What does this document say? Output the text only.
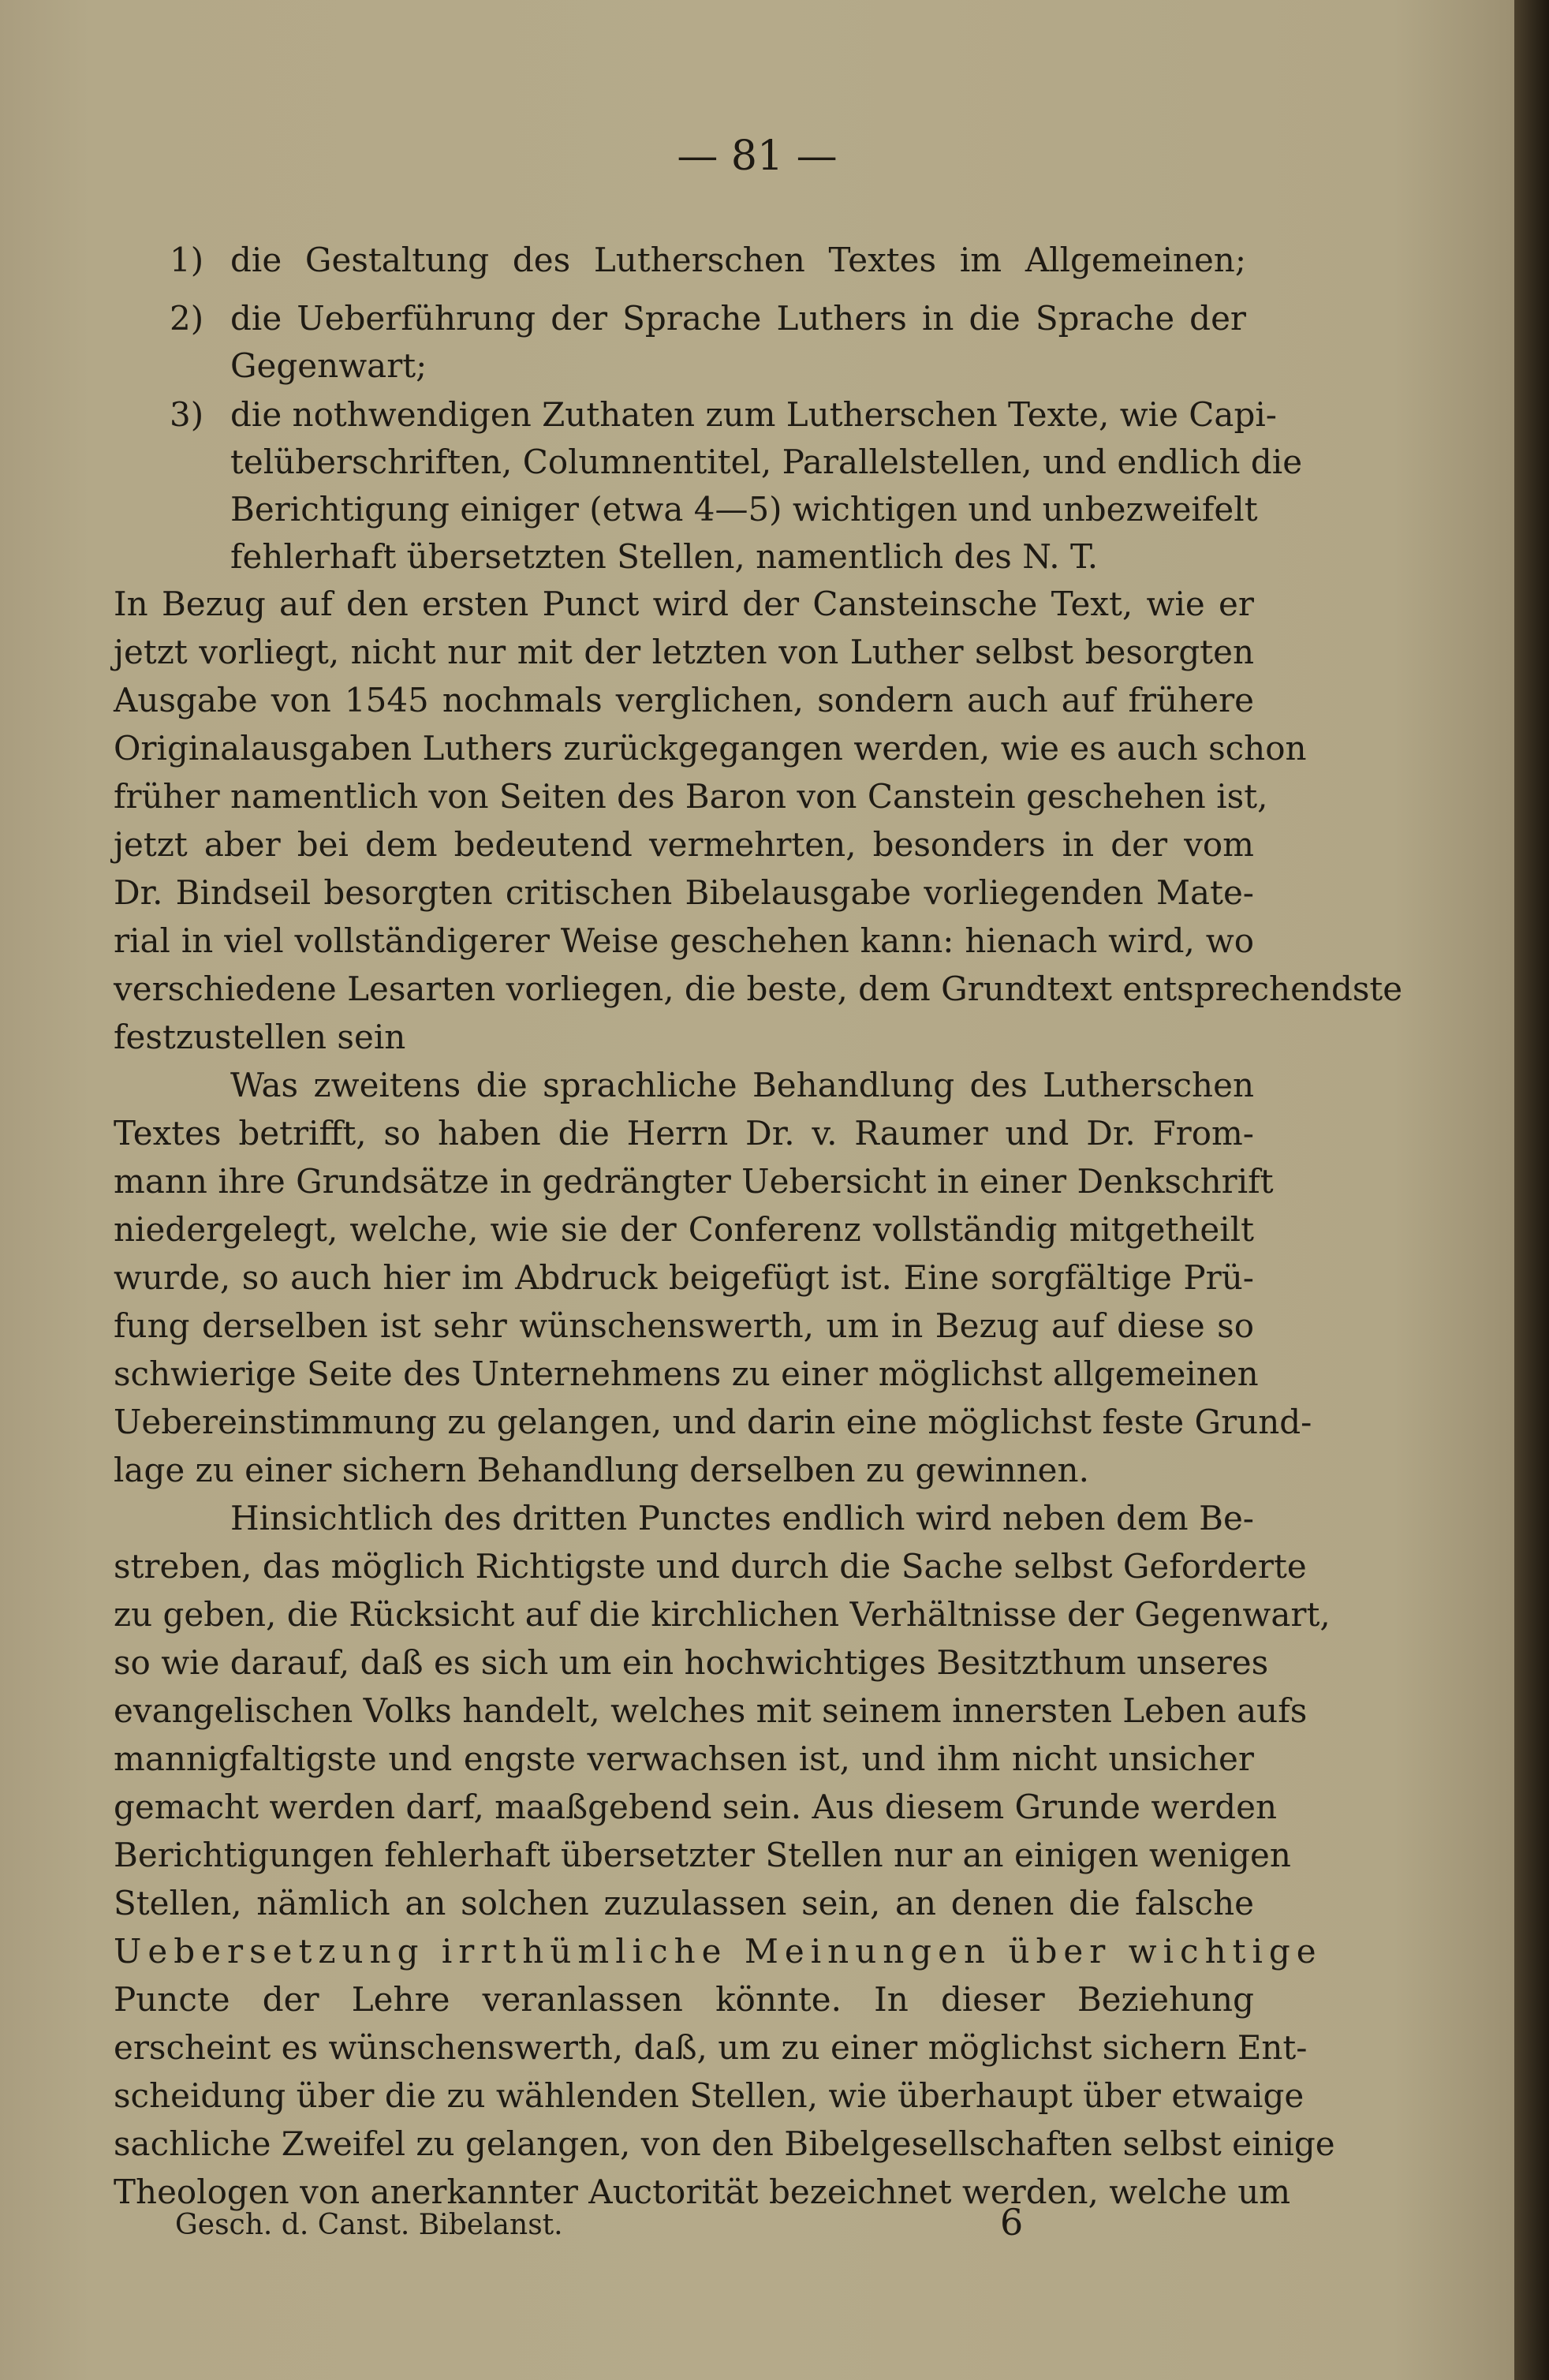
— 81 —
1) die Gestaltung des Lutherschen Textes im Allgemeinen;
2) die Ueberführung der Sprache Luthers in die Sprache der
Gegenwart;
3) die nothwendigen Zuthaten zum Lutherschen Texte, wie Capi-
telüberschriften, Columnentitel, Parallelstellen, und endlich die
Berichtigung einiger (etwa 4—5) wichtigen und unbezweifelt
fehlerhaft übersetzten Stellen, namentlich des N. T.
In Bezug auf den ersten Punct wird der Cansteinsche Text, wie er
jetzt vorliegt, nicht nur mit der letzten von Luther selbst besorgten
Ausgabe von 1545 nochmals verglichen, sondern auch auf frühere
Originalausgaben Luthers zurückgegangen werden, wie es auch schon
früher namentlich von Seiten des Baron von Canstein geschehen ist,
jetzt aber bei dem bedeutend vermehrten, besonders in der vom
Dr. Bindseil besorgten critischen Bibelausgabe vorliegenden Mate-
rial in viel vollständigerer Weise geschehen kann: hienach wird, wo
verschiedene Lesarten vorliegen, die beste, dem Grundtext entsprechendste
festzustellen sein
Was zweitens die sprachliche Behandlung des Lutherschen
Textes betrifft, so haben die Herrn Dr. v. Raumer und Dr. From-
mann ihre Grundsätze in gedrängter Uebersicht in einer Denkschrift
niedergelegt, welche, wie sie der Conferenz vollständig mitgetheilt
wurde, so auch hier im Abdruck beigefügt ist. Eine sorgfältige Prü-
fung derselben ist sehr wünschenswerth, um in Bezug auf diese so
schwierige Seite des Unternehmens zu einer möglichst allgemeinen
Uebereinstimmung zu gelangen, und darin eine möglichst feste Grund-
lage zu einer sichern Behandlung derselben zu gewinnen.
Hinsichtlich des dritten Punctes endlich wird neben dem Be-
streben, das möglich Richtigste und durch die Sache selbst Geforderte
zu geben, die Rücksicht auf die kirchlichen Verhältnisse der Gegenwart,
so wie darauf, daß es sich um ein hochwichtiges Besitzthum unseres
evangelischen Volks handelt, welches mit seinem innersten Leben aufs
mannigfaltigste und engste verwachsen ist, und ihm nicht unsicher
gemacht werden darf, maaßgebend sein. Aus diesem Grunde werden
Berichtigungen fehlerhaft übersetzter Stellen nur an einigen wenigen
Stellen, nämlich an solchen zuzulassen sein, an denen die falsche
Uebersetzung irrthümliche Meinungen über wichtige
Puncte der Lehre veranlassen könnte. In dieser Beziehung
erscheint es wünschenswerth, daß, um zu einer möglichst sichern Ent-
scheidung über die zu wählenden Stellen, wie überhaupt über etwaige
sachliche Zweifel zu gelangen, von den Bibelgesellschaften selbst einige
Theologen von anerkannter Auctorität bezeichnet werden, welche um
Gesch. d. Canst. Bibelanst.	6
